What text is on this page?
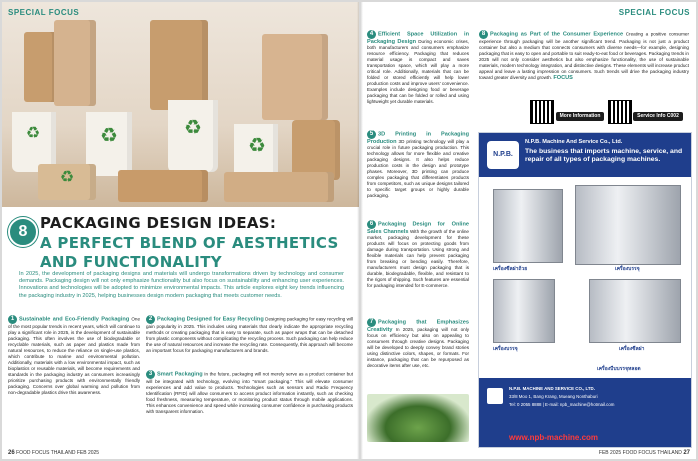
♻	♻
♻
♻
♻
SPECIAL FOCUS
8 PACKAGING DESIGN IDEAS:
A PERFECT BLEND OF AESTHETICS
AND FUNCTIONALITY
In 2025, the development of packaging designs and materials will undergo transformations driven by technology and consumer demands. Packaging design will not only emphasize functionality but also focus on sustainability and enhancing user experiences. Innovations and technologies will be adopted to minimize environmental impacts. This article explores eight key trends influencing the packaging industry in 2025, helping businesses design modern packaging that meets customer needs.
1 Sustainable and Eco-Friendly Packaging One of the most popular trends in recent years, which will continue to play a significant role in 2025, is the development of sustainable packaging. This often involves the use of biodegradable or recyclable materials, such as paper and plastics made from natural resources, to reduce the reliance on single-use plastics, which contribute to marine and environmental pollution. Additionally, materials with a low environmental impact, such as bioplastics or reusable materials, will become requirements and standards in the packaging industry as consumers increasingly prioritize purchasing products with environmentally friendly packaging. Concerns over global warming and pollution from non-degradable plastics drive this awareness.
2 Packaging Designed for Easy Recycling Designing packaging for easy recycling will gain popularity in 2025. This includes using materials that clearly indicate the appropriate recycling methods or creating packaging that is easy to separate, such as paper wraps that can be detached from plastic components without complicating the recycling process. Such packaging can help reduce the use of natural resources and increase the recycling rate. Consequently, this approach will become an important focus for packaging manufacturers and brands.
3 Smart Packaging In the future, packaging will not merely serve as a product container but will be integrated with technology, evolving into "smart packaging." This will elevate consumer experiences and add value to products. Technologies such as sensors and Radio Frequency Identification (RFID) will allow consumers to access product information instantly, such as checking food freshness, measuring temperature, or monitoring product status through mobile applications. This enhances convenience and speed while increasing consumer confidence in purchasing products with transparent information.
26 FOOD FOCUS THAILAND FEB 2025
SPECIAL FOCUS
4 Efficient Space Utilization in Packaging Design During economic crises, both manufacturers and consumers emphasize resource efficiency. Packaging that reduces material usage is compact and saves transportation space, which will play a more critical role. Additionally, materials that can be folded or stored efficiently will help lower production costs and improve users' convenience. Examples include designing food or beverage packaging that can be folded or rolled and using lightweight yet durable materials.
5 3D Printing in Packaging Production 3D printing technology will play a crucial role in future packaging production. This technology allows for more flexible and creative packaging designs. It also helps reduce production costs in the design and prototype phases. Moreover, 3D printing can produce complex packaging that differentiates products from competitors, such as unique designs tailored to specific target groups or highly durable packaging.
6 Packaging Design for Online Sales Channels With the growth of the online market, packaging development for these products will focus on protecting goods from damage during transportation. Using strong and flexible materials can help prevent packaging from breaking or bending easily. Therefore, manufacturers must design packaging that is durable, biodegradable, flexible, and resistant to the rigors of shipping. Such features are essential for packaging intended for E-commerce.
7 Packaging that Emphasizes Creativity In 2025, packaging will not only focus on efficiency but also on appealing to consumers through creative designs. Packaging will be developed to deeply convey brand stories using distinctive colors, shapes, or formats. For instance, packaging that can be repurposed as decorative items after use, etc.
8 Packaging as Part of the Consumer Experience Creating a positive consumer experience through packaging will be another significant trend. Packaging is not just a product container but also a medium that connects consumers with diverse needs—for example, designing packaging that is easy to open and portable to suit ready-to-eat food or beverages. Packaging trends in 2025 will not only consider aesthetics but also emphasize functionality, the use of sustainable materials, modern technology integration, and distinctive designs. These elements will increase product appeal and leave a lasting impression on consumers. Such trends will drive the packaging industry toward greater diversity and growth. FOCUS
More Information	Service Info C002
N.P.B.
N.P.B. Machine And Service Co., Ltd.
The business that imports machine, service, and repair of all types of packaging machines.
เครื่องซีลฝาถ้วย	เครื่องบรรจุ
เครื่องบรรจุ	เครื่องซีลฝา
เครื่องบีบบรรจุหลอด
N.P.B. MACHINE AND SERVICE CO., LTD.
33/8 Moo 1, Bang Krang, Mueang Nonthaburi
Tel: 0 2055 8888 | E-mail: npb_machine@hotmail.com
www.npb-machine.com
FEB 2025 FOOD FOCUS THAILAND 27
